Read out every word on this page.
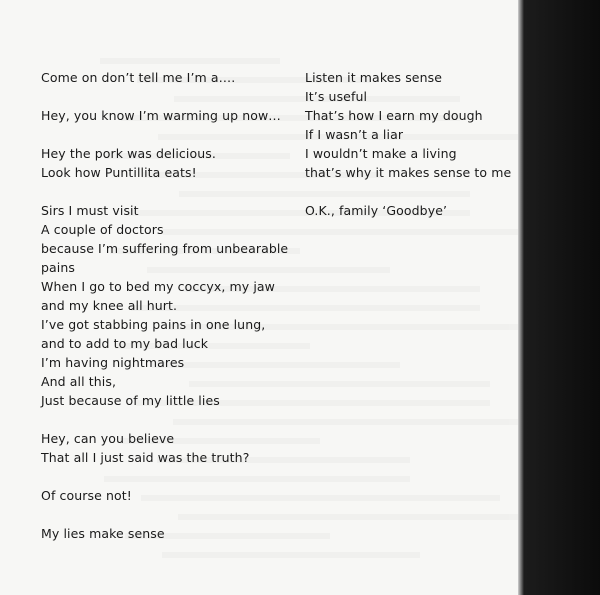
Come on don’t tell me I’m a….
Hey, you know I’m warming up now…
Hey the pork was delicious.
Look how Puntillita eats!
Sirs I must visit
A couple of doctors
because I’m suffering from unbearable
pains
When I go to bed my coccyx, my jaw
and my knee all hurt.
I’ve got stabbing pains in one lung,
and to add to my bad luck
I’m having nightmares
And all this,
Just because of my little lies
Hey, can you believe
That all I just said was the truth?
Of course not!
My lies make sense
Listen it makes sense
It’s useful
That’s how I earn my dough
If I wasn’t a liar
I wouldn’t make a living
that’s why it makes sense to me
O.K., family ‘Goodbye’
